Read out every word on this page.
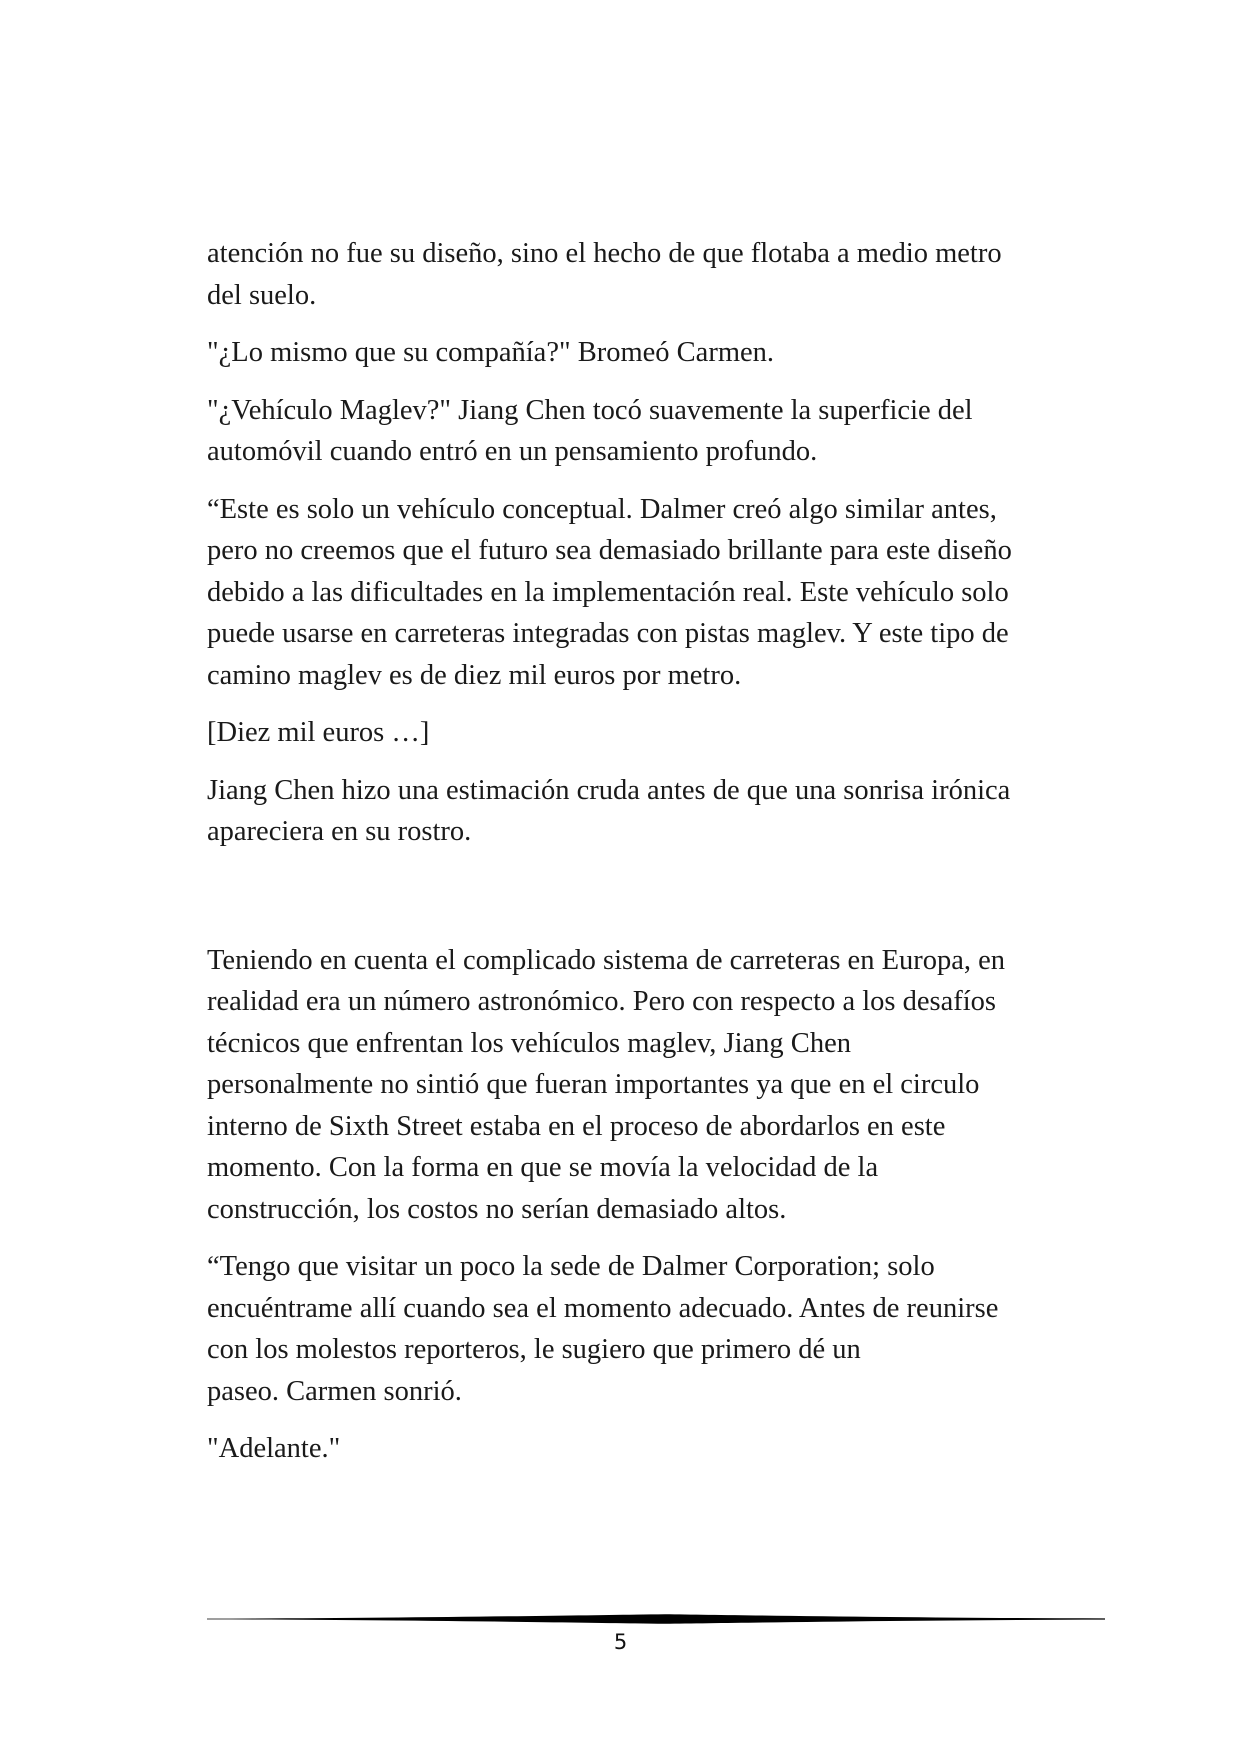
atención no fue su diseño, sino el hecho de que flotaba a medio metro
del suelo.

"¿Lo mismo que su compañía?" Bromeó Carmen.

"¿Vehículo Maglev?" Jiang Chen tocó suavemente la superficie del
automóvil cuando entró en un pensamiento profundo.

“Este es solo un vehículo conceptual. Dalmer creó algo similar antes,
pero no creemos que el futuro sea demasiado brillante para este diseño
debido a las dificultades en la implementación real. Este vehículo solo
puede usarse en carreteras integradas con pistas maglev. Y este tipo de
camino maglev es de diez mil euros por metro.

[Diez mil euros …]

Jiang Chen hizo una estimación cruda antes de que una sonrisa irónica
apareciera en su rostro.

Teniendo en cuenta el complicado sistema de carreteras en Europa, en
realidad era un número astronómico. Pero con respecto a los desafíos
técnicos que enfrentan los vehículos maglev, Jiang Chen
personalmente no sintió que fueran importantes ya que en el circulo
interno de Sixth Street estaba en el proceso de abordarlos en este
momento. Con la forma en que se movía la velocidad de la
construcción, los costos no serían demasiado altos.

“Tengo que visitar un poco la sede de Dalmer Corporation; solo
encuéntrame allí cuando sea el momento adecuado. Antes de reunirse
con los molestos reporteros, le sugiero que primero dé un
paseo. Carmen sonrió.

"Adelante."

5
